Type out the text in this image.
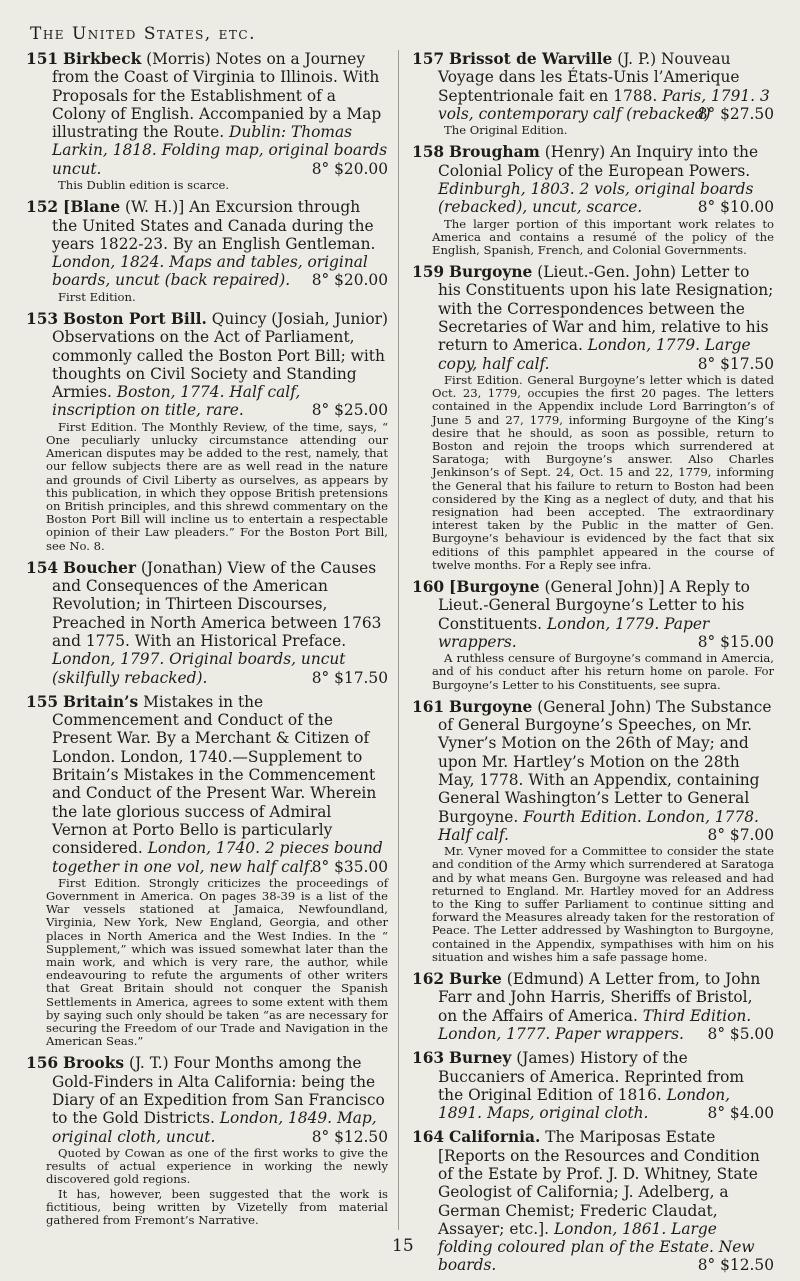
The United States, etc.

151 Birkbeck (Morris) Notes on a Journey from the Coast of Virginia to Illinois. With Proposals for the Establishment of a Colony of English. Accompanied by a Map illustrating the Route. Dublin: Thomas Larkin, 1818. Folding map, original boards uncut.	8° $20.00

This Dublin edition is scarce.

152 [Blane (W. H.)] An Excursion through the United States and Canada during the years 1822-23. By an English Gentleman. London, 1824. Maps and tables, original boards, uncut (back repaired). 8° $20.00

First Edition.

153 Boston Port Bill. Quincy (Josiah, Junior) Observations on the Act of Parliament, commonly called the Boston Port Bill; with thoughts on Civil Society and Standing Armies. Boston, 1774. Half calf, inscription on title, rare.	8° $25.00

First Edition. The Monthly Review, of the time, says, “ One peculiarly unlucky circumstance attending our American disputes may be added to the rest, namely, that our fellow subjects there are as well read in the nature and grounds of Civil Liberty as ourselves, as appears by this publication, in which they oppose British pretensions on British principles, and this shrewd commentary on the Boston Port Bill will incline us to entertain a respectable opinion of their Law pleaders.” For the Boston Port Bill, see No. 8.

154 Boucher (Jonathan) View of the Causes and Consequences of the American Revolution; in Thirteen Discourses, Preached in North America between 1763 and 1775. With an Historical Preface. London, 1797. Original boards, uncut (skilfully rebacked).	8° $17.50

155 Britain’s Mistakes in the Commencement and Conduct of the Present War. By a Merchant & Citizen of London. London, 1740.—Supplement to Britain’s Mistakes in the Commencement and Conduct of the Present War. Wherein the late glorious success of Admiral Vernon at Porto Bello is particularly considered. London, 1740. 2 pieces bound together in one vol, new half calf.
8° $35.00

First Edition. Strongly criticizes the proceedings of Government in America. On pages 38-39 is a list of the War vessels stationed at Jamaica, Newfoundland, Virginia, New York, New England, Georgia, and other places in North America and the West Indies. In the “ Supplement,” which was issued somewhat later than the main work, and which is very rare, the author, while endeavouring to refute the arguments of other writers that Great Britain should not conquer the Spanish Settlements in America, agrees to some extent with them by saying such only should be taken “as are necessary for securing the Freedom of our Trade and Navigation in the American Seas.”

156 Brooks (J. T.) Four Months among the Gold-Finders in Alta California: being the Diary of an Expedition from San Francisco to the Gold Districts. London, 1849. Map, original cloth, uncut.	8° $12.50

Quoted by Cowan as one of the first works to give the results of actual experience in working the newly discovered gold regions.

It has, however, been suggested that the work is fictitious, being written by Vizetelly from material gathered from Fremont’s Narrative.

157 Brissot de Warville (J. P.) Nouveau Voyage dans les États-Unis l’Amerique Septentrionale fait en 1788. Paris, 1791. 3 vols, contemporary calf (rebacked)
8° $27.50

The Original Edition.

158 Brougham (Henry) An Inquiry into the Colonial Policy of the European Powers. Edinburgh, 1803. 2 vols, original boards (rebacked), uncut, scarce.	8° $10.00

The larger portion of this important work relates to America and contains a resumé of the policy of the English, Spanish, French, and Colonial Governments.

159 Burgoyne (Lieut.-Gen. John) Letter to his Constituents upon his late Resignation; with the Correspondences between the Secretaries of War and him, relative to his return to America. London, 1779. Large copy, half calf.	8° $17.50

First Edition. General Burgoyne’s letter which is dated Oct. 23, 1779, occupies the first 20 pages. The letters contained in the Appendix include Lord Barrington’s of June 5 and 27, 1779, informing Burgoyne of the King’s desire that he should, as soon as possible, return to Boston and rejoin the troops which surrendered at Saratoga; with Burgoyne’s answer. Also Charles Jenkinson’s of Sept. 24, Oct. 15 and 22, 1779, informing the General that his failure to return to Boston had been considered by the King as a neglect of duty, and that his resignation had been accepted. The extraordinary interest taken by the Public in the matter of Gen. Burgoyne’s behaviour is evidenced by the fact that six editions of this pamphlet appeared in the course of twelve months. For a Reply see infra.

160 [Burgoyne (General John)] A Reply to Lieut.-General Burgoyne’s Letter to his Constituents. London, 1779. Paper wrappers.	8° $15.00

A ruthless censure of Burgoyne’s command in Amercia, and of his conduct after his return home on parole. For Burgoyne’s Letter to his Constituents, see supra.

161 Burgoyne (General John) The Substance of General Burgoyne’s Speeches, on Mr. Vyner’s Motion on the 26th of May; and upon Mr. Hartley’s Motion on the 28th May, 1778. With an Appendix, containing General Washington’s Letter to General Burgoyne. Fourth Edition. London, 1778. Half calf.	8° $7.00

Mr. Vyner moved for a Committee to consider the state and condition of the Army which surrendered at Saratoga and by what means Gen. Burgoyne was released and had returned to England. Mr. Hartley moved for an Address to the King to suffer Parliament to continue sitting and forward the Measures already taken for the restoration of Peace. The Letter addressed by Washington to Burgoyne, contained in the Appendix, sympathises with him on his situation and wishes him a safe passage home.

162 Burke (Edmund) A Letter from, to John Farr and John Harris, Sheriffs of Bristol, on the Affairs of America. Third Edition. London, 1777. Paper wrappers. 8° $5.00

163 Burney (James) History of the Buccaniers of America. Reprinted from the Original Edition of 1816. London, 1891. Maps, original cloth.	8° $4.00

164 California. The Mariposas Estate [Reports on the Resources and Condition of the Estate by Prof. J. D. Whitney, State Geologist of California; J. Adelberg, a German Chemist; Frederic Claudat, Assayer; etc.]. London, 1861. Large folding coloured plan of the Estate. New boards.	8° $12.50

15
